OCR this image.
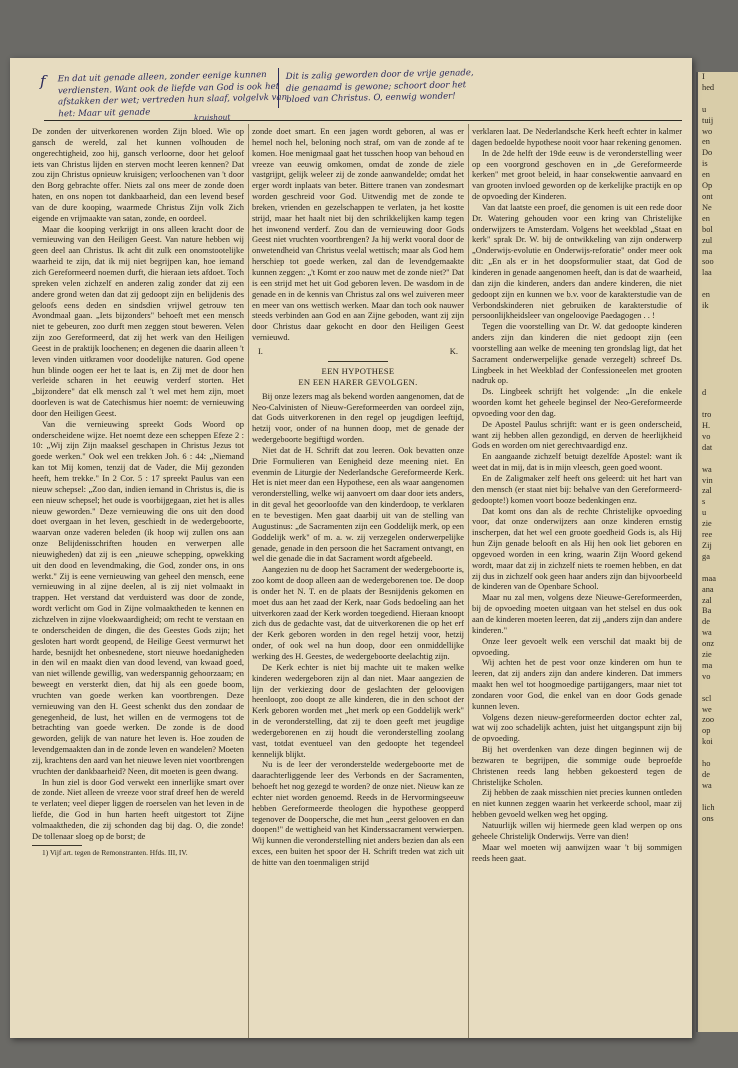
I
hed

u
tuij
wo
en
Do
is
en
Op
ont
Ne
en
bol
zul
ma
soo
laa

en
ik

d

tro
H.
vo
dat

wa
vin
zal
s
u
zie
ree
Zij
ga

maa
ana
zal
Ba
de
wa
onz
zie
ma
vo

scl
we
zoo
op
koi

ho
de
wa

lich
ons
f En dat uit genade alleen, zonder eenige kunnen verdiensten. Want ook de liefde van God is ook het afstakken der wet; vertreden hun slaaf, volgelvk van het: Maar uit genade
Dit is zalig geworden door de vrije genade, die genaamd is gewone; schoort door het bloed van Christus. O, eenwig wonder!
kruishout

De zonden der uitverkorenen worden Zijn bloed. Wie op gansch de wereld, zal het kunnen volhouden de ongerechtigheid, zoo hij, gansch verloorne, door het geloof iets van Christus lijden en sterven mocht leeren kennen? Dat zou zijn Christus opnieuw kruisigen; verloochenen van 't door den Borg gebrachte offer. Niets zal ons meer de zonde doen haten, en ons nopen tot dankbaarheid, dan een levend besef van de dure kooping, waarmede Christus Zijn volk Zich eigende en vrijmaakte van satan, zonde, en oordeel.

Maar die kooping verkrijgt in ons alleen kracht door de vernieuwing van den Heiligen Geest. Van nature hebben wij geen deel aan Christus. Ik acht dit zulk een onomstootelijke waarheid te zijn, dat ik mij niet begrijpen kan, hoe iemand zich Gereformeerd noemen durft, die hieraan iets afdoet. Toch spreken velen zichzelf en anderen zalig zonder dat zij een andere grond weten dan dat zij gedoopt zijn en belijdenis des geloofs eens deden en sindsdien vrijwel getrouw ten Avondmaal gaan. „Iets bijzonders" behoeft met een mensch niet te gebeuren, zoo durft men zeggen stout beweren. Velen zijn zoo Gereformeerd, dat zij het werk van den Heiligen Geest in de praktijk loochenen; en degenen die daarin alleen 't leven vinden uitkramen voor doodelijke naturen. God opene hun blinde oogen eer het te laat is, en Zij met de door hen verleide scharen in het eeuwig verderf storten. Het „bijzondere" dat elk mensch zal 't wel met hem zijn, moet doorleven is wat de Catechismus hier noemt: de vernieuwing door den Heiligen Geest.

Van die vernieuwing spreekt Gods Woord op onderscheidene wijze. Het noemt deze een scheppen Efeze 2 : 10: „Wij zijn Zijn maaksel geschapen in Christus Jezus tot goede werken." Ook wel een trekken Joh. 6 : 44: „Niemand kan tot Mij komen, tenzij dat de Vader, die Mij gezonden heeft, hem trekke." In 2 Cor. 5 : 17 spreekt Paulus van een nieuw schepsel: „Zoo dan, indien iemand in Christus is, die is een nieuw schepsel; het oude is voorbijgegaan, ziet het is alles nieuw geworden." Deze vernieuwing die ons uit den dood doet overgaan in het leven, geschiedt in de wedergeboorte, waarvan onze vaderen beleden (ik hoop wij zullen ons aan onze Belijdenisschriften houden en verwerpen alle nieuwigheden) dat zij is een „nieuwe schepping, opwekking uit den dood en levendmaking, die God, zonder ons, in ons werkt." Zij is eene vernieuwing van geheel den mensch, eene vernieuwing in al zijne deelen, al is zij niet volmaakt in trappen. Het verstand dat verduisterd was door de zonde, wordt verlicht om God in Zijne volmaaktheden te kennen en zichzelven in zijne vloekwaardigheid; om recht te verstaan en te onderscheiden de dingen, die des Geestes Gods zijn; het gesloten hart wordt geopend, de Heilige Geest vermurwt het harde, besnijdt het onbesnedene, stort nieuwe hoedanigheden in den wil en maakt dien van dood levend, van kwaad goed, van niet willende gewillig, van wederspannig gehoorzaam; en beweegt en versterkt dien, dat hij als een goede boom, vruchten van goede werken kan voortbrengen. Deze vernieuwing van den H. Geest schenkt dus den zondaar de genegenheid, de lust, het willen en de vermogens tot de betrachting van goede werken. De zonde is de dood geworden, gelijk de van nature het leven is. Hoe zouden de levendgemaakten dan in de zonde leven en wandelen? Moeten zij, krachtens den aard van het nieuwe leven niet voortbrengen vruchten der dankbaarheid? Neen, dit moeten is geen dwang.

In hun ziel is door God verwekt een innerlijke smart over de zonde. Niet alleen de vreeze voor straf dreef hen de wereld te verlaten; veel dieper liggen de roerselen van het leven in de liefde, die God in hun harten heeft uitgestort tot Zijne volmaaktheden, die zij schonden dag bij dag. O, die zonde! De tollenaar sloeg op de borst; de

1) Vijf art. tegen de Remonstranten. Hfds. III, IV.

zonde doet smart. En een jagen wordt geboren, al was er hemel noch hel, beloning noch straf, om van de zonde af te komen. Hoe menigmaal gaat het tusschen hoop van behoud en vreeze van eeuwig omkomen, omdat de zonde de ziele vastgrijpt, gelijk weleer zij de zonde aanwandelde; omdat het erger wordt inplaats van beter. Bittere tranen van zondesmart worden geschreid voor God. Uitwendig met de zonde te breken, vrienden en gezelschappen te verlaten, ja het kostte strijd, maar het haalt niet bij den schrikkelijken kamp tegen het inwonend verderf. Zou dan de vernieuwing door Gods Geest niet vruchten voortbrengen? Ja hij werkt vooral door de onwetendheid van Christus veelal wettisch; maar als God hem herschiep tot goede werken, zal dan de levendgemaakte kunnen zeggen: „'t Komt er zoo nauw met de zonde niet?" Dat is een strijd met het uit God geboren leven. De wasdom in de genade en in de kennis van Christus zal ons wel zuiveren meer en meer van ons wettisch werken. Maar dan toch ook nauwer steeds verbinden aan God en aan Zijne geboden, want zij zijn door Christus daar gekocht en door den Heiligen Geest vernieuwd.

I.	K.
EEN HYPOTHESE
EN EEN HARER GEVOLGEN.

Bij onze lezers mag als bekend worden aangenomen, dat de Neo-Calvinisten of Nieuw-Gereformeerden van oordeel zijn, dat Gods uitverkorenen in den regel op jeugdigen leeftijd, hetzij voor, onder of na hunnen doop, met de genade der wedergeboorte begiftigd worden.

Niet dat de H. Schrift dat zou leeren. Ook bevatten onze Drie Formulieren van Eenigheid deze meening niet. En evenmin de Liturgie der Nederlandsche Gereformeerde Kerk. Het is niet meer dan een Hypothese, een als waar aangenomen veronderstelling, welke wij aanvoert om daar door iets anders, in dit geval het geoorloofde van den kinderdoop, te verklaren en te bevestigen. Men gaat daarbij uit van de stelling van Augustinus: „de Sacramenten zijn een Goddelijk merk, op een Goddelijk werk" of m. a. w. zij verzegelen onderwerpelijke genade, genade in den persoon die het Sacrament ontvangt, en wel die genade die in dat Sacrament wordt afgebeeld.

Aangezien nu de doop het Sacrament der wedergeboorte is, zoo komt de doop alleen aan de wedergeborenen toe. De doop is onder het N. T. en de plaats der Besnijdenis gekomen en moet dus aan het zaad der Kerk, naar Gods bedoeling aan het uitverkoren zaad der Kerk worden toegediend. Hieraan knoopt zich dus de gedachte vast, dat de uitverkorenen die op het erf der Kerk geboren worden in den regel hetzij voor, hetzij onder, of ook wel na hun doop, door een onmiddellijke werking des H. Geestes, de wedergeboorte deelachtig zijn.

De Kerk echter is niet bij machte uit te maken welke kinderen wedergeboren zijn al dan niet. Maar aangezien de lijn der verkiezing door de geslachten der geloovigen heenloopt, zoo doopt ze alle kinderen, die in den schoot der Kerk geboren worden met „het merk op een Goddelijk werk" in de veronderstelling, dat zij te doen geeft met jeugdige wedergeborenen en zij houdt die veronderstelling zoolang vast, totdat eventueel van den gedoopte het tegendeel kennelijk blijkt.

Nu is de leer der veronderstelde wedergeboorte met de daarachterliggende leer des Verbonds en der Sacramenten, behoeft het nog gezegd te worden? de onze niet. Nieuw kan ze echter niet worden genoemd. Reeds in de Hervormingseeuw hebben Gereformeerde theologen die hypothese geopperd tegenover de Doopersche, die met hun „eerst gelooven en dan doopen!" de wettigheid van het Kinderssacrament verwierpen. Wij kunnen die veronderstelling niet anders bezien dan als een exces, een buiten het spoor der H. Schrift treden wat zich uit de hitte van den toenmaligen strijd

verklaren laat. De Nederlandsche Kerk heeft echter in kalmer dagen bedoelde hypothese nooit voor haar rekening genomen.

In de 2de helft der 19de eeuw is de veronderstelling weer op een voorgrond geschoven en in „de Gereformeerde kerken" met groot beleid, in haar consekwentie aanvaard en van grooten invloed geworden op de kerkelijke practijk en op de opvoeding der Kinderen.

Van dat laatste een proef, die genomen is uit een rede door Dr. Watering gehouden voor een kring van Christelijke onderwijzers te Amsterdam. Volgens het weekblad „Staat en kerk" sprak Dr. W. bij de ontwikkeling van zijn onderwerp „Onderwijs-evolutie en Onderwijs-reforatie" onder meer ook dit: „En als er in het doopsformulier staat, dat God de kinderen in genade aangenomen heeft, dan is dat de waarheid, dan zijn die kinderen, anders dan andere kinderen, die niet gedoopt zijn en kunnen we b.v. voor de karakterstudie van de Verbondskinderen niet gebruiken de karakterstudie of persoonlijkheidsleer van ongeloovige Paedagogen . . !

Tegen die voorstelling van Dr. W. dat gedoopte kinderen anders zijn dan kinderen die niet gedoopt zijn (een voorstelling aan welke de meening ten grondslag ligt, dat het Sacrament onderwerpelijke genade verzegelt) schreef Ds. Lingbeek in het Weekblad der Confessioneelen met grooten nadruk op.

Ds. Lingbeek schrijft het volgende: „In die enkele woorden komt het geheele beginsel der Neo-Gereformeerde opvoeding voor den dag.

De Apostel Paulus schrijft: want er is geen onderscheid, want zij hebben allen gezondigd, en derven de heerlijkheid Gods en worden om niet gerechtvaardigd enz.

En aangaande zichzelf betuigt dezelfde Apostel: want ik weet dat in mij, dat is in mijn vleesch, geen goed woont.

En de Zaligmaker zelf heeft ons geleerd: uit het hart van den mensch (er staat niet bij: behalve van den Gereformeerd-gedoopte!) komen voort booze bedenkingen enz.

Dat komt ons dan als de rechte Christelijke opvoeding voor, dat onze onderwijzers aan onze kinderen ernstig inscherpen, dat het wel een groote goedheid Gods is, als Hij hun Zijn genade belooft en als Hij hen ook liet geboren en opgevoed worden in een kring, waarin Zijn Woord gekend wordt, maar dat zij in zichzelf niets te roemen hebben, en dat zij dus in zichzelf ook geen haar anders zijn dan bijvoorbeeld de kinderen van de Openbare School.

Maar nu zal men, volgens deze Nieuwe-Gereformeerden, bij de opvoeding moeten uitgaan van het stelsel en dus ook aan de kinderen moeten leeren, dat zij „anders zijn dan andere kinderen."

Onze leer gevoelt welk een verschil dat maakt bij de opvoeding.

Wij achten het de pest voor onze kinderen om hun te leeren, dat zij anders zijn dan andere kinderen. Dat immers maakt hen wel tot hoogmoedige partijgangers, maar niet tot zondaren voor God, die enkel van en door Gods genade kunnen leven.

Volgens dezen nieuw-gereformeerden doctor echter zal, wat wij zoo schadelijk achten, juist het uitgangspunt zijn bij de opvoeding.

Bij het overdenken van deze dingen beginnen wij de bezwaren te begrijpen, die sommige oude beproefde Christenen reeds lang hebben gekoesterd tegen de Christelijke Scholen.

Zij hebben de zaak misschien niet precies kunnen ontleden en niet kunnen zeggen waarin het verkeerde school, maar zij hebben gevoeld welken weg het opging.

Natuurlijk willen wij hiermede geen klad werpen op ons geheele Christelijk Onderwijs. Verre van dien!

Maar wel moeten wij aanwijzen waar 't bij sommigen reeds heen gaat.
